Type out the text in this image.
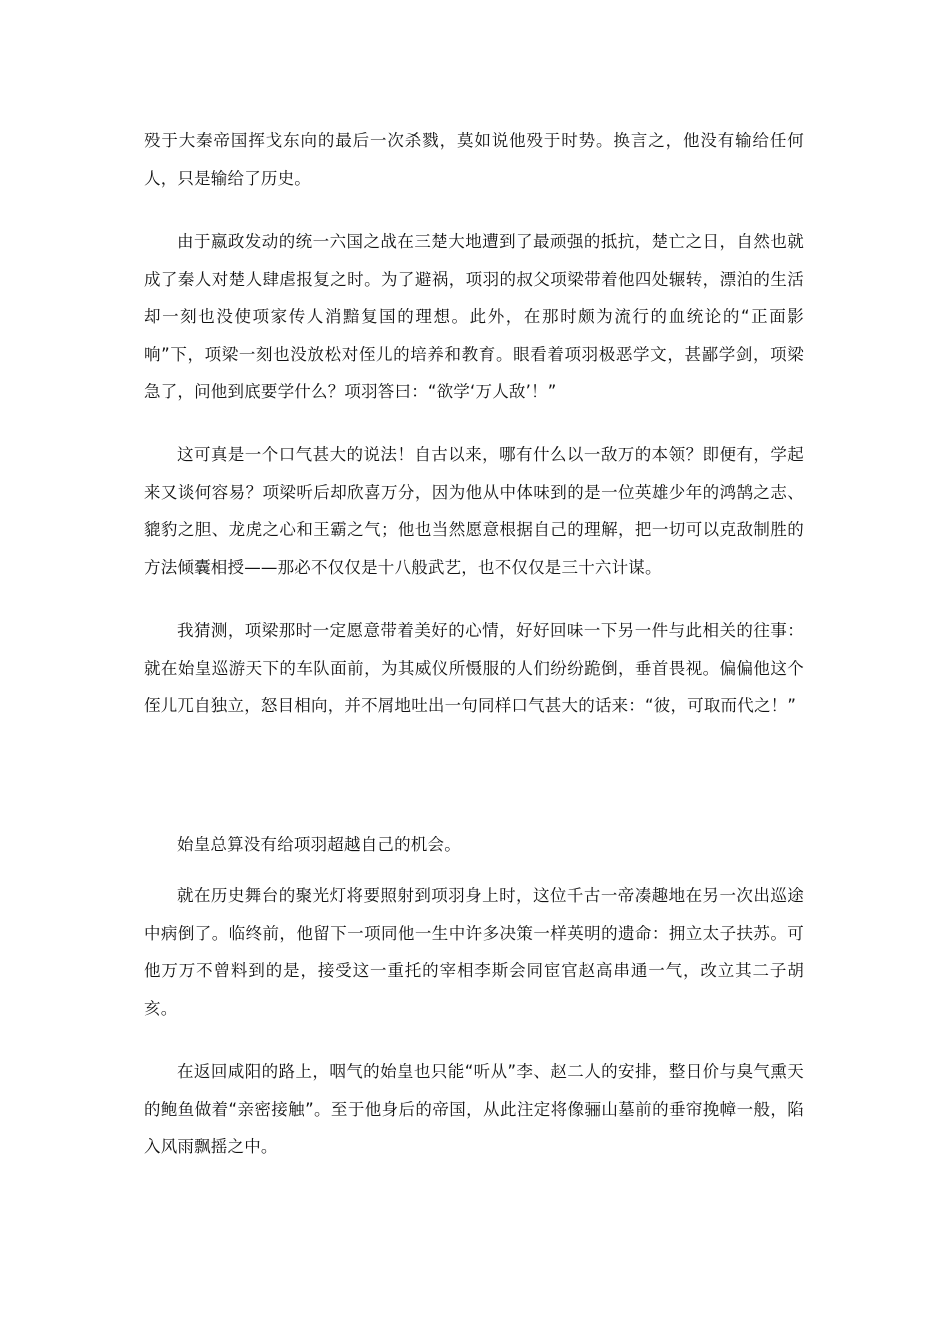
殁于大秦帝国挥戈东向的最后一次杀戮，莫如说他殁于时势。换言之，他没有输给任何人，只是输给了历史。

由于嬴政发动的统一六国之战在三楚大地遭到了最顽强的抵抗，楚亡之日，自然也就成了秦人对楚人肆虐报复之时。为了避祸，项羽的叔父项梁带着他四处辗转，漂泊的生活却一刻也没使项家传人消黯复国的理想。此外，在那时颇为流行的血统论的“正面影响”下，项梁一刻也没放松对侄儿的培养和教育。眼看着项羽极恶学文，甚鄙学剑，项梁急了，问他到底要学什么？项羽答曰：“欲学‘万人敌’！”

这可真是一个口气甚大的说法！自古以来，哪有什么以一敌万的本领？即便有，学起来又谈何容易？项梁听后却欣喜万分，因为他从中体味到的是一位英雄少年的鸿鹄之志、貔豹之胆、龙虎之心和王霸之气；他也当然愿意根据自己的理解，把一切可以克敌制胜的方法倾囊相授——那必不仅仅是十八般武艺，也不仅仅是三十六计谋。

我猜测，项梁那时一定愿意带着美好的心情，好好回味一下另一件与此相关的往事：就在始皇巡游天下的车队面前，为其威仪所慑服的人们纷纷跪倒，垂首畏视。偏偏他这个侄儿兀自独立，怒目相向，并不屑地吐出一句同样口气甚大的话来：“彼，可取而代之！”

始皇总算没有给项羽超越自己的机会。

就在历史舞台的聚光灯将要照射到项羽身上时，这位千古一帝凑趣地在另一次出巡途中病倒了。临终前，他留下一项同他一生中许多决策一样英明的遗命：拥立太子扶苏。可他万万不曾料到的是，接受这一重托的宰相李斯会同宦官赵高串通一气，改立其二子胡亥。

在返回咸阳的路上，咽气的始皇也只能“听从”李、赵二人的安排，整日价与臭气熏天的鲍鱼做着“亲密接触”。至于他身后的帝国，从此注定将像骊山墓前的垂帘挽幛一般，陷入风雨飘摇之中。
